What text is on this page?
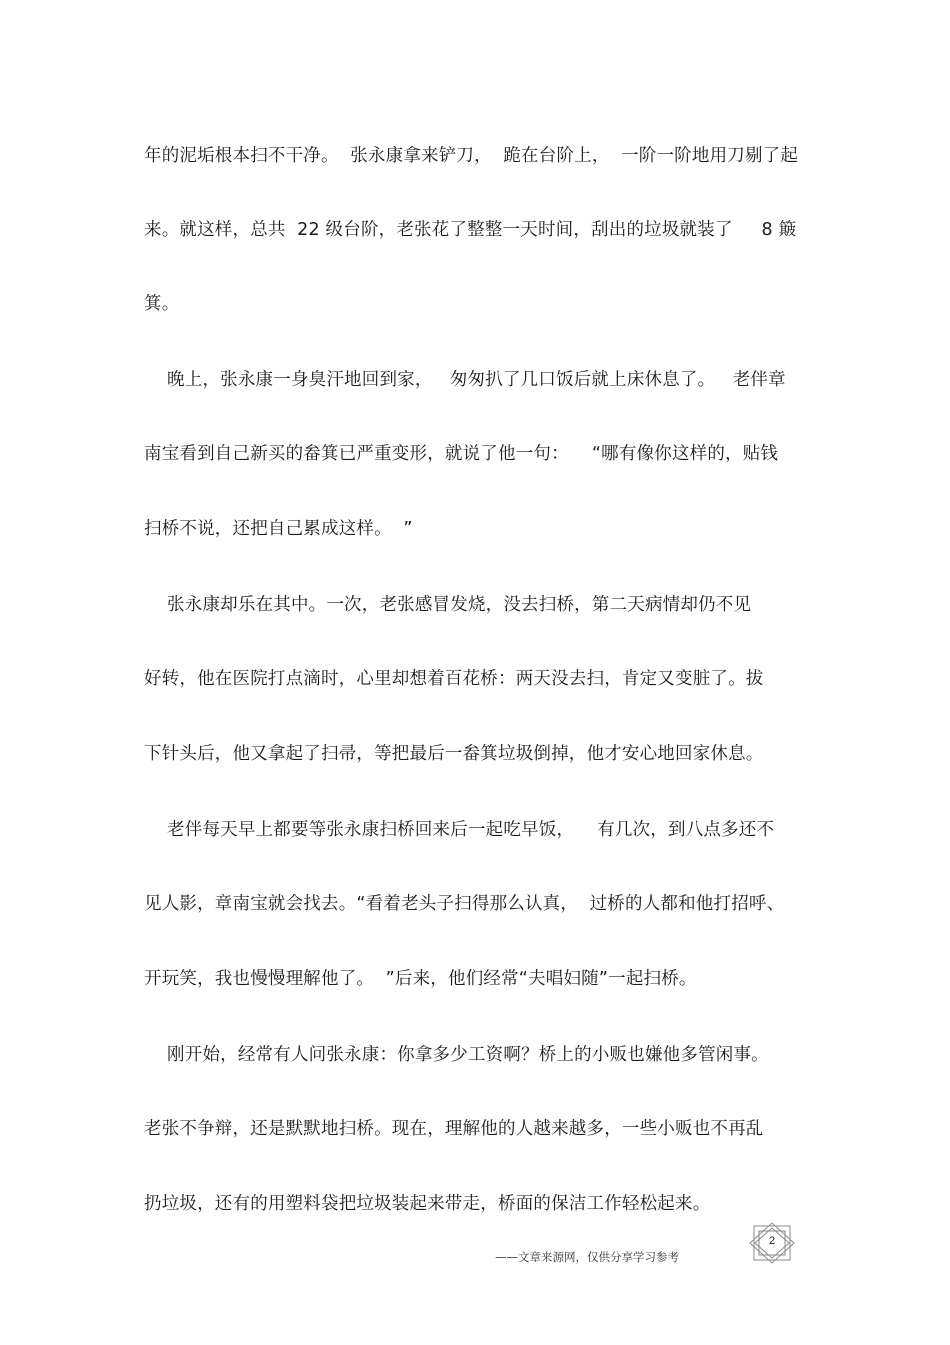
年的泥垢根本扫不干净。  张永康拿来铲刀，  跪在台阶上，  一阶一阶地用刀剔了起
来。就这样，总共  22 级台阶，老张花了整整一天时间，刮出的垃圾就装了     8 簸
箕。
晚上，张永康一身臭汗地回到家，   匆匆扒了几口饭后就上床休息了。   老伴章
南宝看到自己新买的畚箕已严重变形，就说了他一句：    “哪有像你这样的，贴钱
扫桥不说，还把自己累成这样。  ”
张永康却乐在其中。一次，老张感冒发烧，没去扫桥，第二天病情却仍不见
好转，他在医院打点滴时，心里却想着百花桥：两天没去扫，肯定又变脏了。拔
下针头后，他又拿起了扫帚，等把最后一畚箕垃圾倒掉，他才安心地回家休息。
老伴每天早上都要等张永康扫桥回来后一起吃早饭，    有几次，到八点多还不
见人影，章南宝就会找去。“看着老头子扫得那么认真，  过桥的人都和他打招呼、
开玩笑，我也慢慢理解他了。  ”后来，他们经常“夫唱妇随”一起扫桥。
刚开始，经常有人问张永康：你拿多少工资啊？桥上的小贩也嫌他多管闲事。
老张不争辩，还是默默地扫桥。现在，理解他的人越来越多，一些小贩也不再乱
扔垃圾，还有的用塑料袋把垃圾装起来带走，桥面的保洁工作轻松起来。
2
——文章来源网，仅供分享学习参考
